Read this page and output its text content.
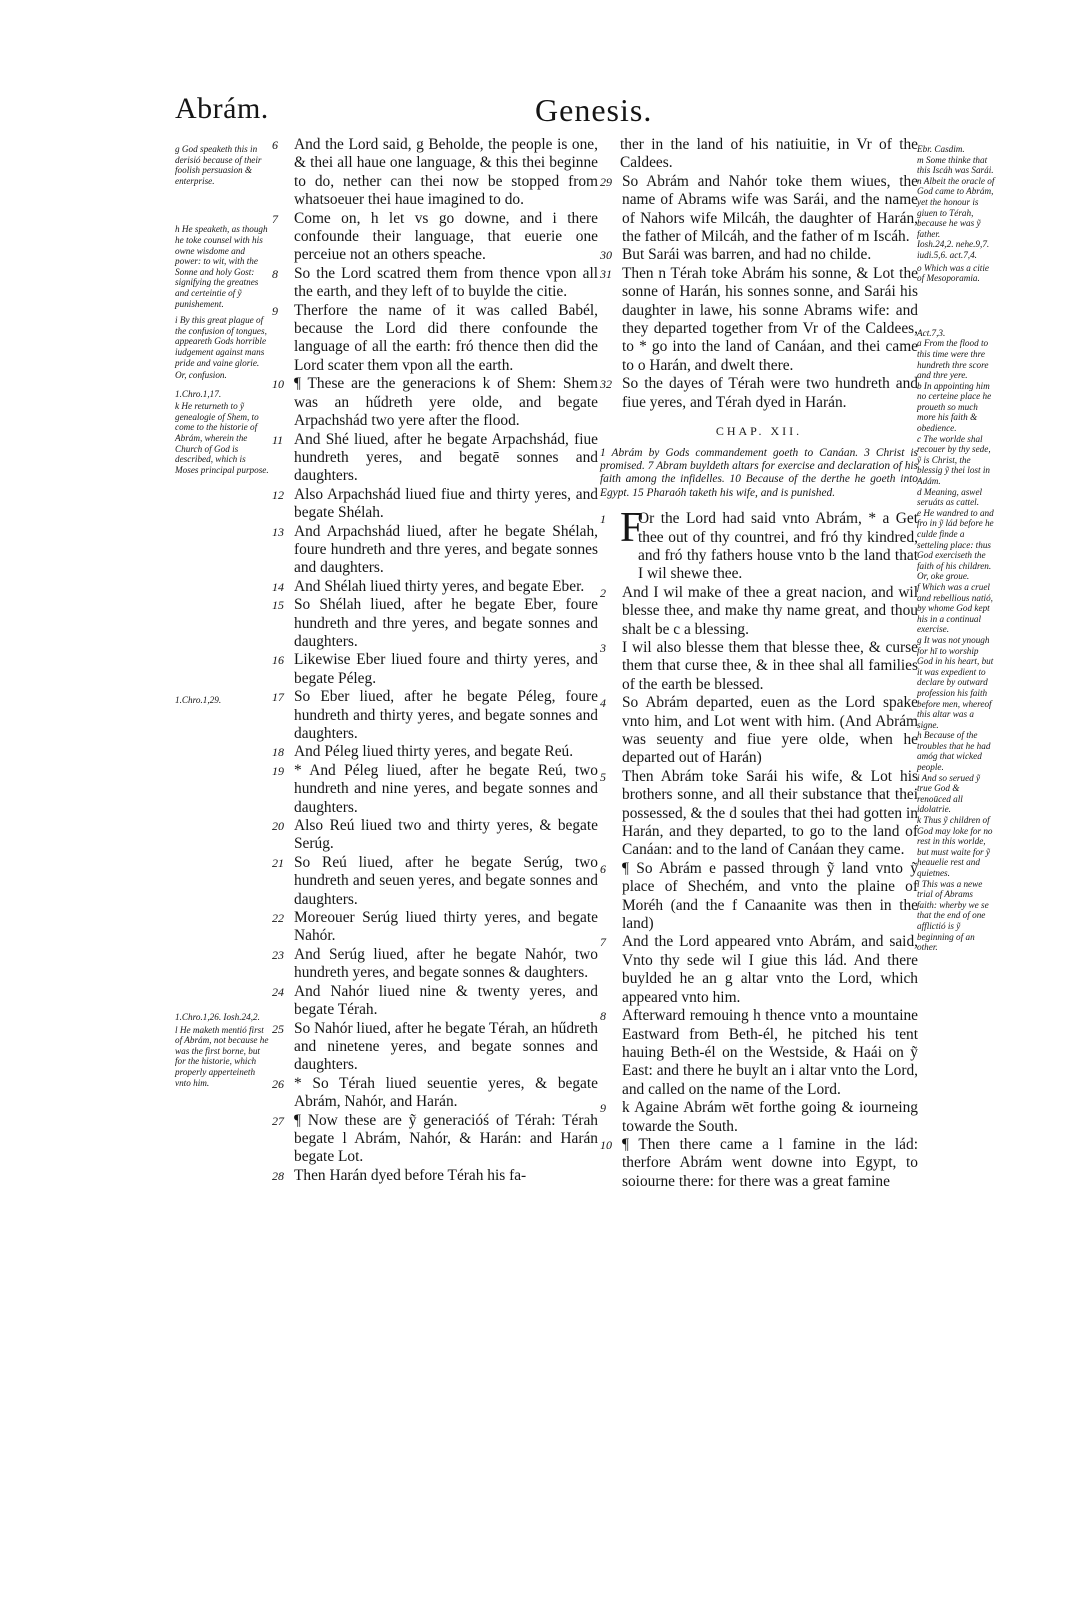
Abrám.	Genesis.
g God speaketh this in derisió because of their foolish persuasion & enterprise.
h He speaketh, as though he toke counsel with his owne wisdome and power: to wit, with the Sonne and holy Gost: signifying the greatnes and certeintie of ỹ punishement.
i By this great plague of the confusion of tongues, appeareth Gods horrible iudgement against mans pride and vaine glorie.
Or, confusion.
1.Chro.1,17.
k He returneth to ỹ genealogie of Shem, to come to the historie of Abrám, wherein the Church of God is described, which is Moses principal purpose.
1.Chro.1,29.
1.Chro.1,26. Iosh.24,2.
l He maketh mentió first of Abrám, not because he was the first borne, but for the historie, which properly apperteineth vnto him.

6	And the Lord said, g Beholde, the people is one, & thei all haue one language, & this thei beginne to do, nether can thei now be stopped from whatsoeuer thei haue imagined to do.

7	Come on, h let vs go downe, and i there confounde their language, that euerie one perceiue not an others speache.

8	So the Lord scatred them from thence vpon all the earth, and they left of to buylde the citie.

9	Therfore the name of it was called Babél, because the Lord did there confounde the language of all the earth: fró thence then did the Lord scater them vpon all the earth.

10 ¶ These are the generacions k of Shem: Shem was an hűdreth yere olde, and begate Arpachshád two yere after the flood.

11 And Shé liued, after he begate Arpachshád, fiue hundreth yeres, and begatē sonnes and daughters.

12 Also Arpachshád liued fiue and thirty yeres, and begate Shélah.

13 And Arpachshád liued, after he begate Shélah, foure hundreth and thre yeres, and begate sonnes and daughters.

14 And Shélah liued thirty yeres, and begate Eber.

15 So Shélah liued, after he begate Eber, foure hundreth and thre yeres, and begate sonnes and daughters.

16 Likewise Eber liued foure and thirty yeres, and begate Péleg.

17 So Eber liued, after he begate Péleg, foure hundreth and thirty yeres, and begate sonnes and daughters.

18 And Péleg liued thirty yeres, and begate Reú.

19 * And Péleg liued, after he begate Reú, two hundreth and nine yeres, and begate sonnes and daughters.

20 Also Reú liued two and thirty yeres, & begate Serúg.

21 So Reú liued, after he begate Serúg, two hundreth and seuen yeres, and begate sonnes and daughters.

22 Moreouer Serúg liued thirty yeres, and begate Nahór.

23 And Serúg liued, after he begate Nahór, two hundreth yeres, and begate sonnes & daughters.

24 And Nahór liued nine & twenty yeres, and begate Térah.

25 So Nahór liued, after he begate Térah, an hűdreth and ninetene yeres, and begate sonnes and daughters.

26 * So Térah liued seuentie yeres, & begate Abrám, Nahór, and Harán.

27 ¶ Now these are ỹ generacióś of Térah: Térah begate l Abrám, Nahór, & Harán: and Harán begate Lot.

28 Then Harán dyed before Térah his fa-

ther in the land of his natiuitie, in Vr of the Caldees.

29 So Abrám and Nahór toke them wiues, the name of Abrams wife was Sarái, and the name of Nahors wife Milcáh, the daughter of Harán, the father of Milcáh, and the father of m Iscáh.

30 But Sarái was barren, and had no childe.

31 Then n Térah toke Abrám his sonne, & Lot the sonne of Harán, his sonnes sonne, and Sarái his daughter in lawe, his sonne Abrams wife: and they departed together from Vr of the Caldees, to * go into the land of Canáan, and thei came to o Harán, and dwelt there.

32 So the dayes of Térah were two hundreth and fiue yeres, and Térah dyed in Harán.

CHAP. XII.

1 Abrám by Gods commandement goeth to Canáan. 3 Christ is promised. 7 Abram buyldeth altars for exercise and declaration of his faith among the infidelles. 10 Because of the derthe he goeth into Egypt. 15 Pharaóh taketh his wife, and is punished.

1 F
Or the Lord had said vnto Abrám, * a Get thee out of thy countrei, and fró thy kindred, and fró thy fathers house vnto b the land that I wil shewe thee.

2	And I wil make of thee a great nacion, and wil blesse thee, and make thy name great, and thou shalt be c a blessing.

3	I wil also blesse them that blesse thee, & curse them that curse thee, & in thee shal all families of the earth be blessed.

4	So Abrám departed, euen as the Lord spake vnto him, and Lot went with him. (And Abrám was seuenty and fiue yere olde, when he departed out of Harán)

5	Then Abrám toke Sarái his wife, & Lot his brothers sonne, and all their substance that thei possessed, & the d soules that thei had gotten in Harán, and they departed, to go to the land of Canáan: and to the land of Canáan they came.

6	¶ So Abrám e passed through ỹ land vnto ỹ place of Shechém, and vnto the plaine of Moréh (and the f Canaanite was then in the land)

7	And the Lord appeared vnto Abrám, and said, Vnto thy sede wil I giue this lád. And there buylded he an g altar vnto the Lord, which appeared vnto him.

8	Afterward remouing h thence vnto a mountaine Eastward from Beth-él, he pitched his tent hauing Beth-él on the Westside, & Haái on ỹ East: and there he buylt an i altar vnto the Lord, and called on the name of the Lord.

9	k Againe Abrám wēt forthe going & iourneing towarde the South.

10 ¶ Then there came a l famine in the lád: therfore Abrám went downe into Egypt, to soiourne there: for there was a great famine

Ebr. Casdim.
m Some thinke that this Iscáh was Sarái.
n Albeit the oracle of God came to Abrám, yet the honour is giuen to Térah, because he was ỹ father.
Iosh.24,2. nehe.9,7. iudi.5,6. act.7,4.
o Which was a citie of Mesoporamia.
Act.7,3.
a From the flood to this time were thre hundreth thre score and thre yere.
b In appointing him no certeine place he proueth so much more his faith & obedience.
c The worlde shal recouer by thy sede, ỹ is Christ, the blessig ỹ thei lost in Adám.
d Meaning, aswel seruáts as cattel.
e He wandred to and fro in ỹ lád before he culde finde a setteling place: thus God exerciseth the faith of his children.
Or, oke groue.
f Which was a cruel and rebellious natió, by whome God kept his in a continual exercise.
g It was not ynough for hī to worship God in his heart, but it was expedient to declare by outward profession his faith before men, whereof this altar was a signe.
h Because of the troubles that he had amóg that wicked people.
i And so serued ỹ true God & renoūced all idolatrie.
k Thus ỹ children of God may loke for no rest in this worlde, but must waite for ỹ heauelie rest and quietnes.
l This was a newe trial of Abrams faith: wherby we se that the end of one afflictió is ỹ beginning of an other.
